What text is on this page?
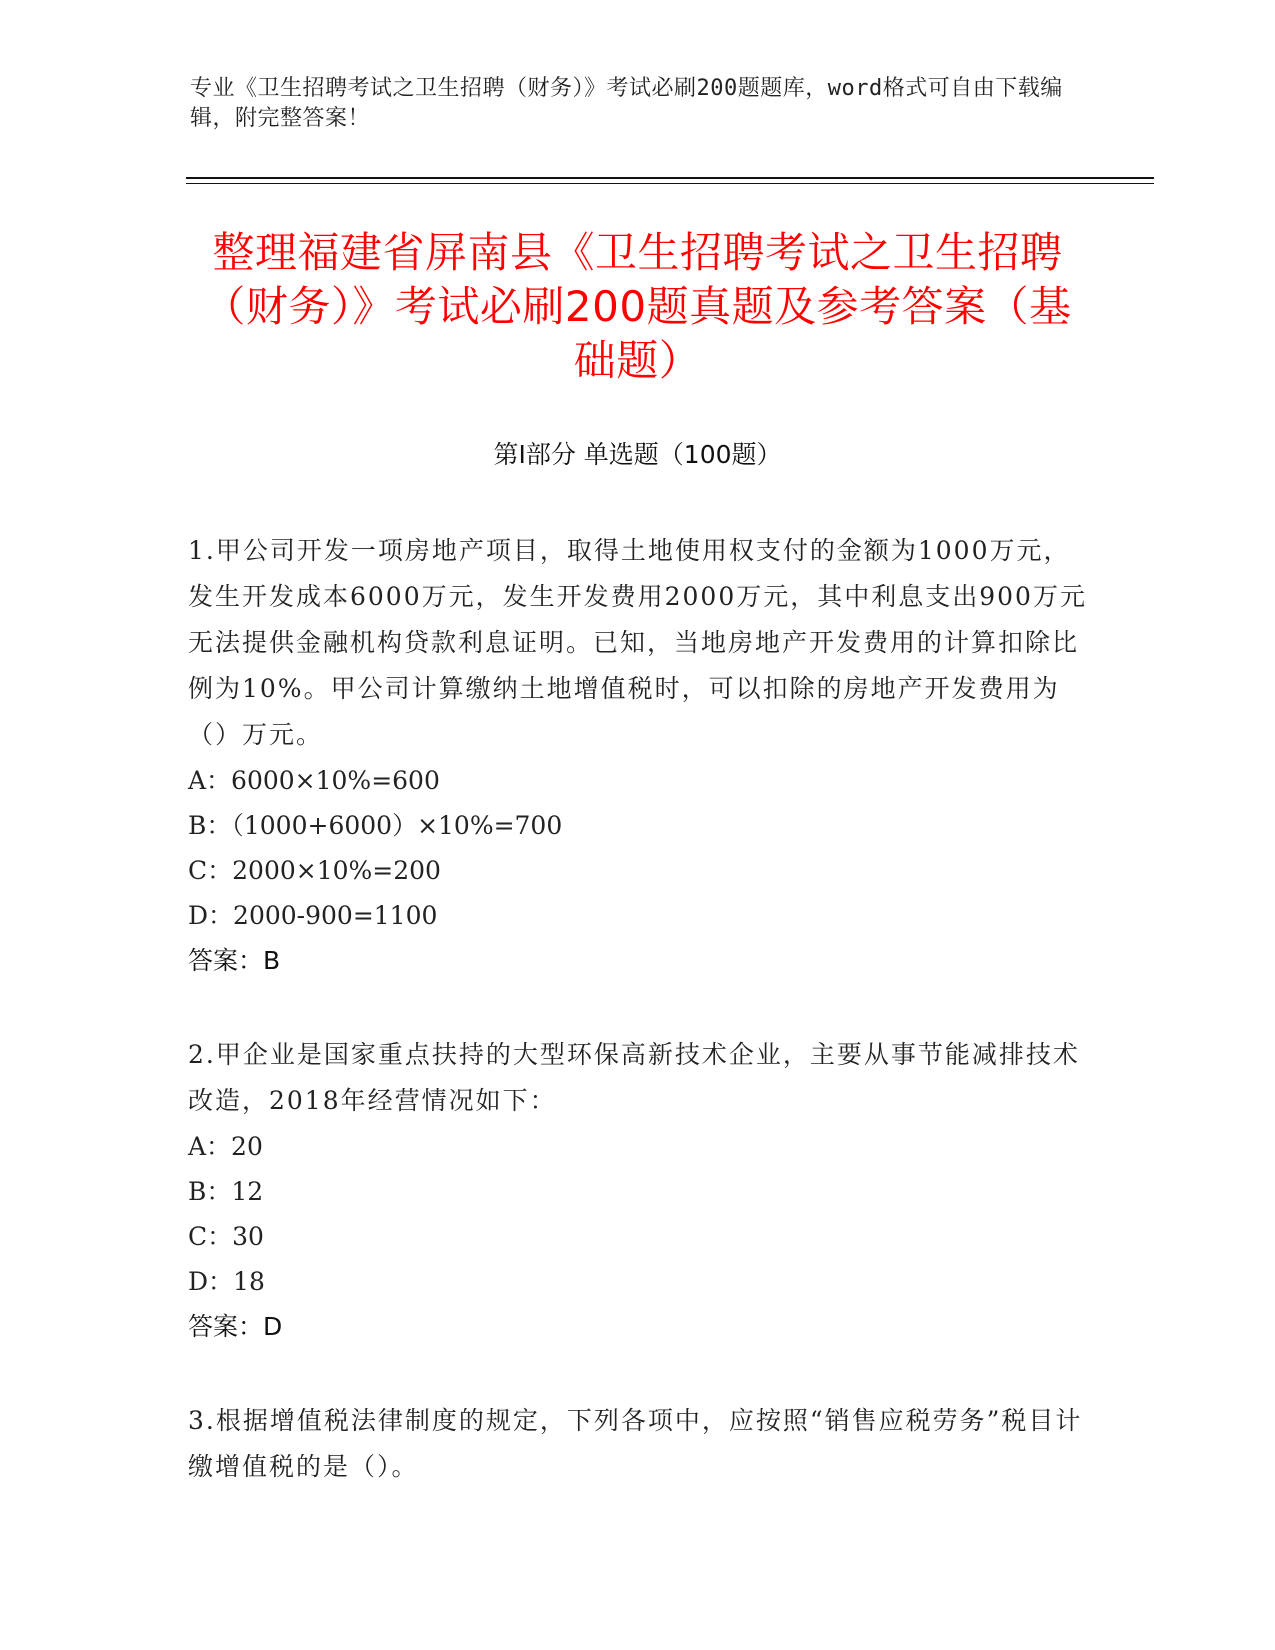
专业《卫生招聘考试之卫生招聘（财务）》考试必刷200题题库，word格式可自由下载编辑，附完整答案！
整理福建省屏南县《卫生招聘考试之卫生招聘（财务）》考试必刷200题真题及参考答案（基础题）
第Ⅰ部分 单选题（100题）

1.甲公司开发一项房地产项目，取得土地使用权支付的金额为1000万元，发生开发成本6000万元，发生开发费用2000万元，其中利息支出900万元无法提供金融机构贷款利息证明。已知，当地房地产开发费用的计算扣除比例为10%。甲公司计算缴纳土地增值税时，可以扣除的房地产开发费用为（）万元。

A：6000×10%=600

B：（1000+6000）×10%=700

C：2000×10%=200

D：2000-900=1100

答案：B

2.甲企业是国家重点扶持的大型环保高新技术企业，主要从事节能减排技术改造，2018年经营情况如下：

A：20

B：12

C：30

D：18

答案：D

3.根据增值税法律制度的规定，下列各项中，应按照“销售应税劳务”税目计缴增值税的是（）。
